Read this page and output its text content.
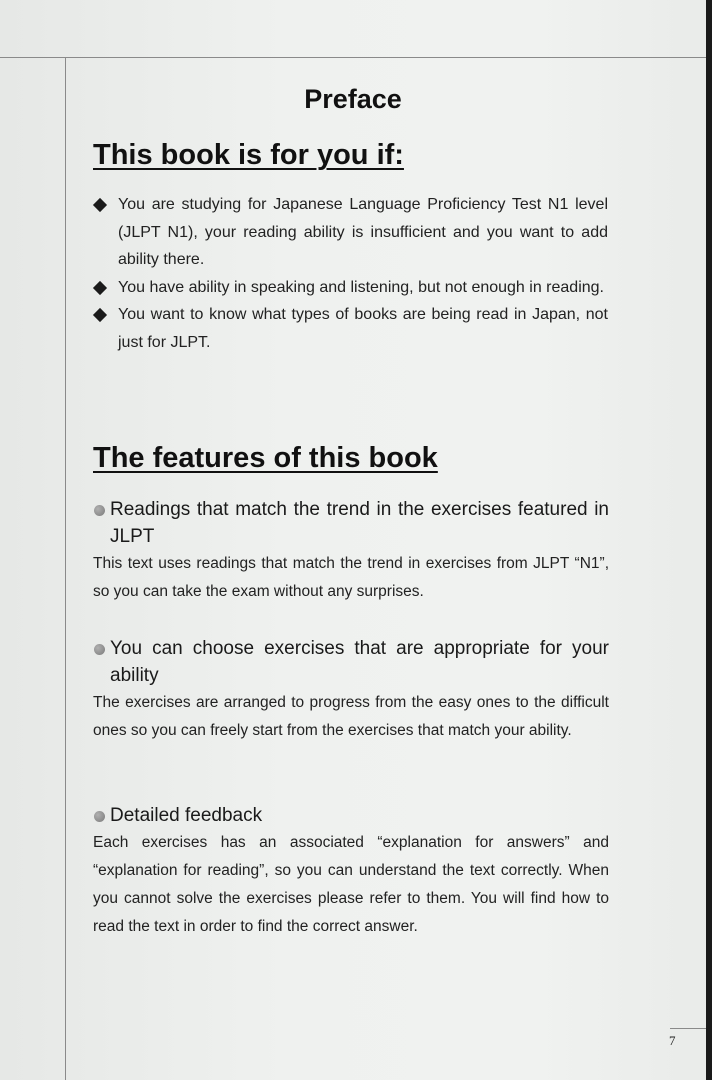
Preface
This book is for you if:
You are studying for Japanese Language Proficiency Test N1 level (JLPT N1), your reading ability is insufficient and you want to add ability there.
You have ability in speaking and listening, but not enough in reading.
You want to know what types of books are being read in Japan, not just for JLPT.
The features of this book
Readings that match the trend in the exercises featured in JLPT
This text uses readings that match the trend in exercises from JLPT “N1”, so you can take the exam without any surprises.
You can choose exercises that are appropriate for your ability
The exercises are arranged to progress from the easy ones to the difficult ones so you can freely start from the exercises that match your ability.
Detailed feedback
Each exercises has an associated “explanation for answers” and “explanation for reading”, so you can understand the text correctly. When you cannot solve the exercises please refer to them. You will find how to read the text in order to find the correct answer.
7
